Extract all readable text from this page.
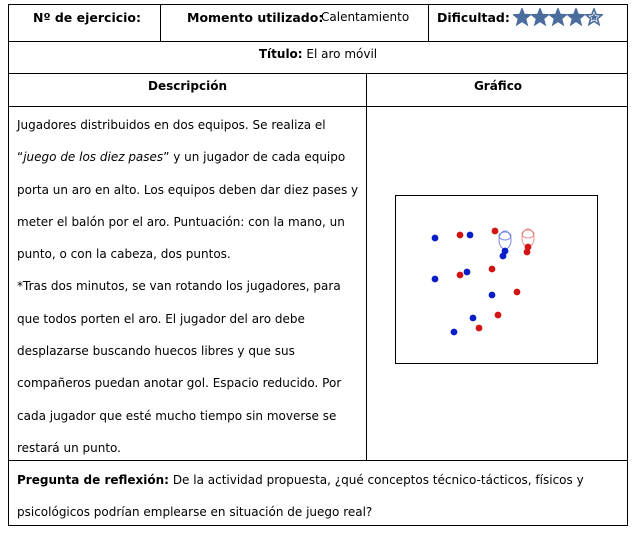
Nº de ejercicio:	Momento utilizado:
Calentamiento Dificultad:
Título: El aro móvil
Descripción	Gráfico

Jugadores distribuidos en dos equipos. Se realiza el

“juego de los diez pases” y un jugador de cada equipo

porta un aro en alto. Los equipos deben dar diez pases y

meter el balón por el aro. Puntuación: con la mano, un

punto, o con la cabeza, dos puntos.

*Tras dos minutos, se van rotando los jugadores, para

que todos porten el aro. El jugador del aro debe

desplazarse buscando huecos libres y que sus

compañeros puedan anotar gol. Espacio reducido. Por

cada jugador que esté mucho tiempo sin moverse se

restará un punto.

Pregunta de reflexión: De la actividad propuesta, ¿qué conceptos técnico-tácticos, físicos y
psicológicos podrían emplearse en situación de juego real?
